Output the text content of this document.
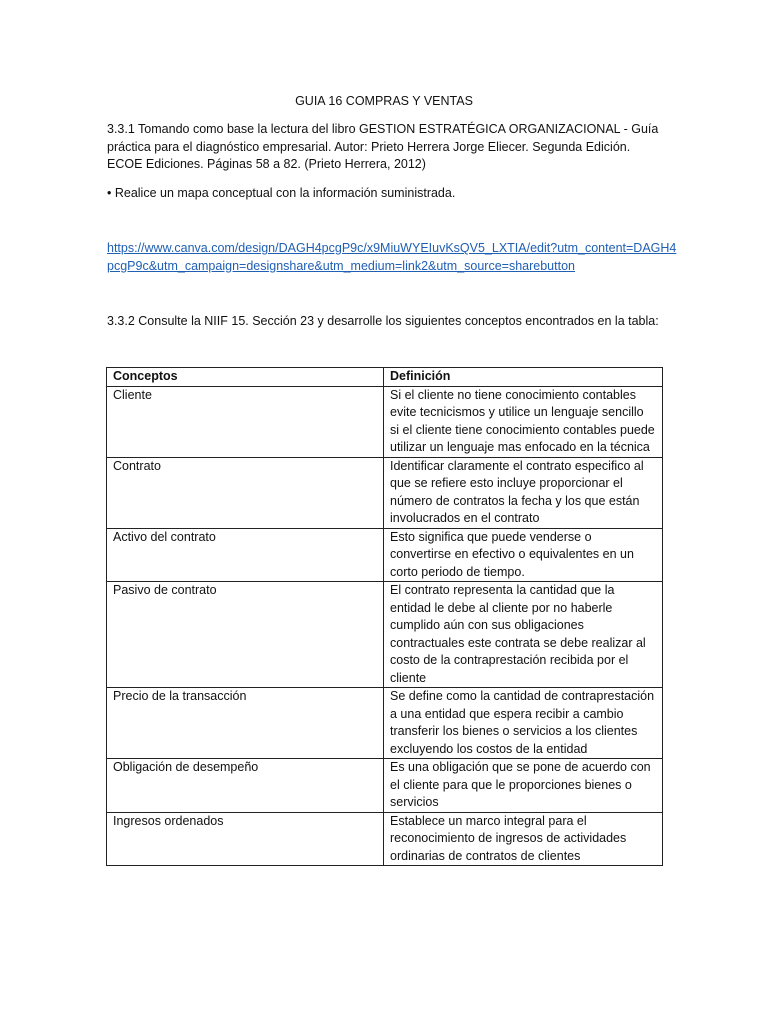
GUIA 16 COMPRAS Y VENTAS
3.3.1 Tomando como base la lectura del libro GESTION ESTRATÉGICA ORGANIZACIONAL - Guía práctica para el diagnóstico empresarial. Autor: Prieto Herrera Jorge Eliecer. Segunda Edición. ECOE Ediciones. Páginas 58 a 82. (Prieto Herrera, 2012)
• Realice un mapa conceptual con la información suministrada.
https://www.canva.com/design/DAGH4pcgP9c/x9MiuWYEIuvKsQV5_LXTIA/edit?utm_content=DAGH4pcgP9c&utm_campaign=designshare&utm_medium=link2&utm_source=sharebutton
3.3.2 Consulte la NIIF 15. Sección 23 y desarrolle los siguientes conceptos encontrados en la tabla:
Conceptos	Definición
Cliente	Si el cliente no tiene conocimiento contables evite tecnicismos y utilice un lenguaje sencillo si el cliente tiene conocimiento contables puede utilizar un lenguaje mas enfocado en la técnica
Contrato	Identificar claramente el contrato especifico al que se refiere esto incluye proporcionar el número de contratos la fecha y los que están involucrados en el contrato
Activo del contrato	Esto significa que puede venderse o convertirse en efectivo o equivalentes en un corto periodo de tiempo.
Pasivo de contrato	El contrato representa la cantidad que la entidad le debe al cliente por no haberle cumplido aún con sus obligaciones contractuales este contrata se debe realizar al costo de la contraprestación recibida por el cliente
Precio de la transacción	Se define como la cantidad de contraprestación a una entidad que espera recibir a cambio transferir los bienes o servicios a los clientes excluyendo los costos de la entidad
Obligación de desempeño	Es una obligación que se pone de acuerdo con el cliente para que le proporciones bienes o servicios
Ingresos ordenados	Establece un marco integral para el reconocimiento de ingresos de actividades ordinarias de contratos de clientes
